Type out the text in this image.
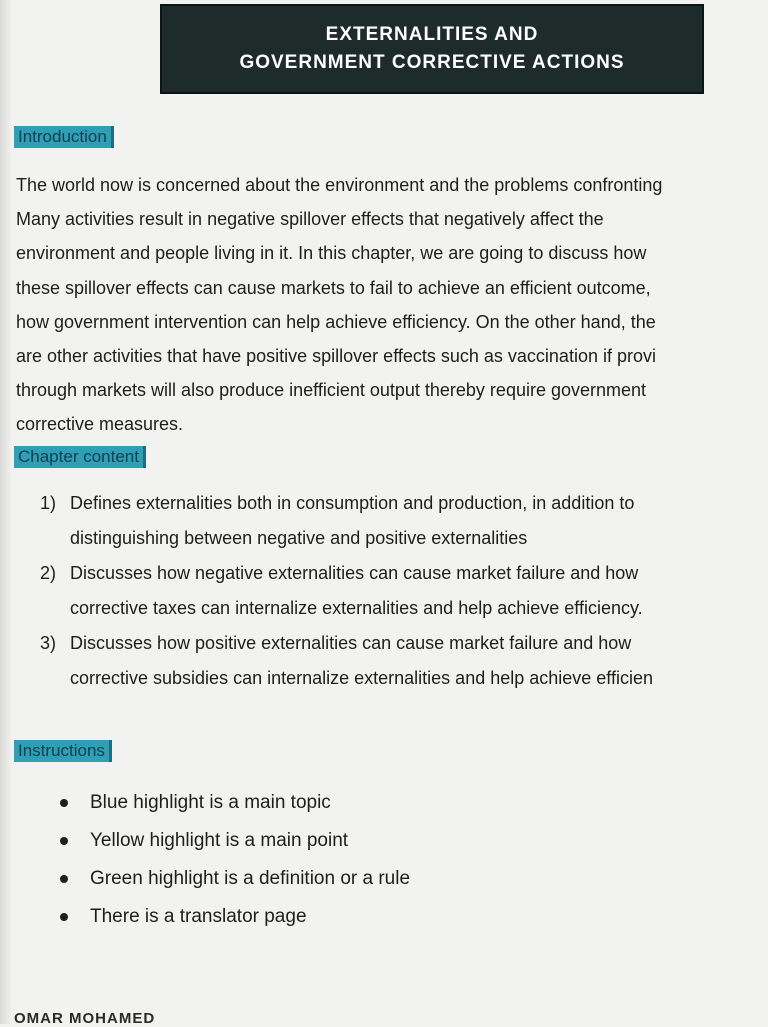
EXTERNALITIES AND
GOVERNMENT CORRECTIVE ACTIONS
Introduction
The world now is concerned about the environment and the problems confronting
Many activities result in negative spillover effects that negatively affect the
environment and people living in it. In this chapter, we are going to discuss how
these spillover effects can cause markets to fail to achieve an efficient outcome,
how government intervention can help achieve efficiency. On the other hand, the
are other activities that have positive spillover effects such as vaccination if provi
through markets will also produce inefficient output thereby require government
corrective measures.
Chapter content
1) Defines externalities both in consumption and production, in addition to
distinguishing between negative and positive externalities
2) Discusses how negative externalities can cause market failure and how
corrective taxes can internalize externalities and help achieve efficiency.
3) Discusses how positive externalities can cause market failure and how
corrective subsidies can internalize externalities and help achieve efficien
Instructions
Blue highlight is a main topic
Yellow highlight is a main point
Green highlight is a definition or a rule
There is a translator page
OMAR MOHAMED
